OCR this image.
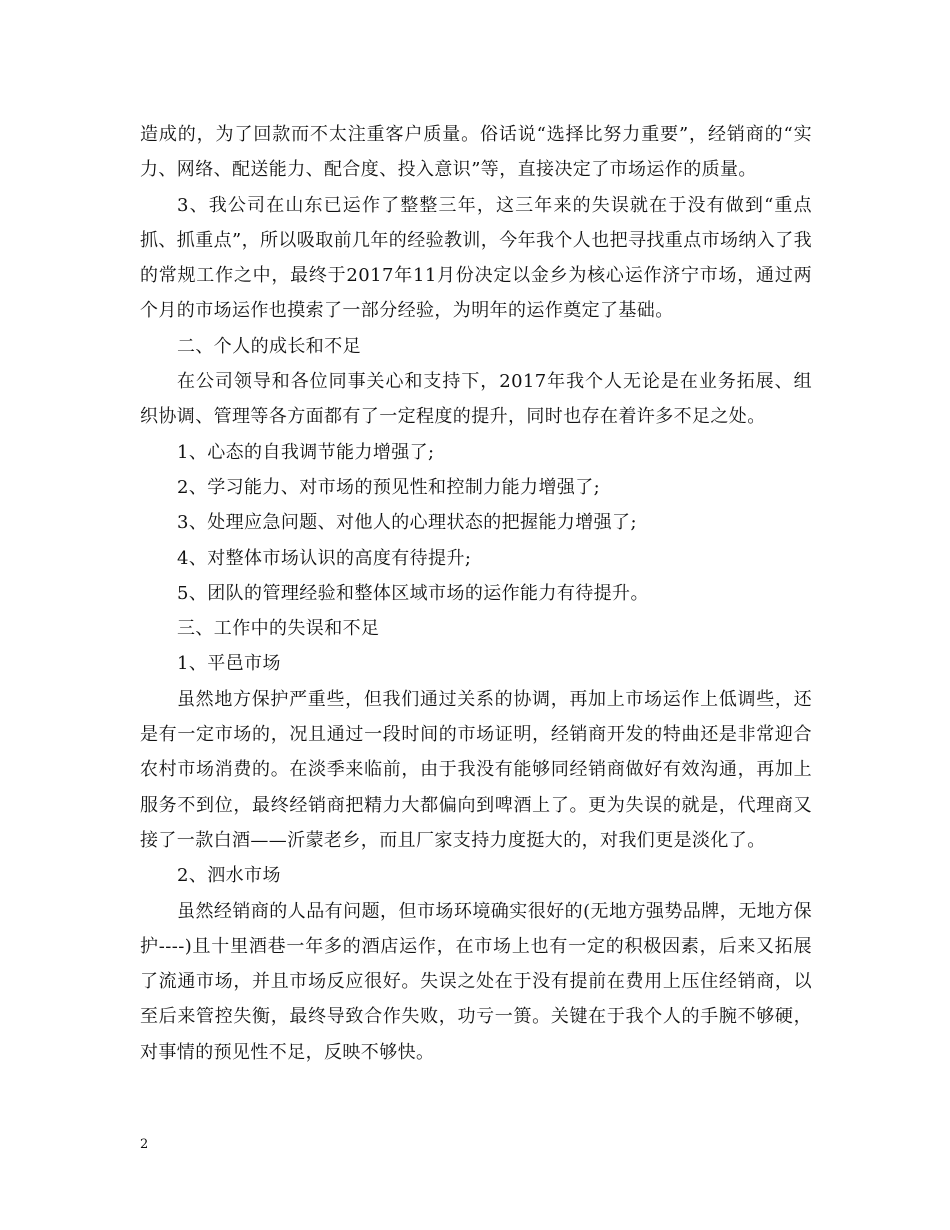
造成的，为了回款而不太注重客户质量。俗话说“选择比努力重要”，经销商的“实力、网络、配送能力、配合度、投入意识”等，直接决定了市场运作的质量。

3、我公司在山东已运作了整整三年，这三年来的失误就在于没有做到“重点抓、抓重点”，所以吸取前几年的经验教训，今年我个人也把寻找重点市场纳入了我的常规工作之中，最终于2017年11月份决定以金乡为核心运作济宁市场，通过两个月的市场运作也摸索了一部分经验，为明年的运作奠定了基础。

二、个人的成长和不足

在公司领导和各位同事关心和支持下，2017年我个人无论是在业务拓展、组织协调、管理等各方面都有了一定程度的提升，同时也存在着许多不足之处。

1、心态的自我调节能力增强了;

2、学习能力、对市场的预见性和控制力能力增强了;

3、处理应急问题、对他人的心理状态的把握能力增强了;

4、对整体市场认识的高度有待提升;

5、团队的管理经验和整体区域市场的运作能力有待提升。

三、工作中的失误和不足

1、平邑市场

虽然地方保护严重些，但我们通过关系的协调，再加上市场运作上低调些，还是有一定市场的，况且通过一段时间的市场证明，经销商开发的特曲还是非常迎合农村市场消费的。在淡季来临前，由于我没有能够同经销商做好有效沟通，再加上服务不到位，最终经销商把精力大都偏向到啤酒上了。更为失误的就是，代理商又接了一款白酒——沂蒙老乡，而且厂家支持力度挺大的，对我们更是淡化了。

2、泗水市场

虽然经销商的人品有问题，但市场环境确实很好的(无地方强势品牌，无地方保护----)且十里酒巷一年多的酒店运作，在市场上也有一定的积极因素，后来又拓展了流通市场，并且市场反应很好。失误之处在于没有提前在费用上压住经销商，以至后来管控失衡，最终导致合作失败，功亏一篑。关键在于我个人的手腕不够硬，对事情的预见性不足，反映不够快。

2
